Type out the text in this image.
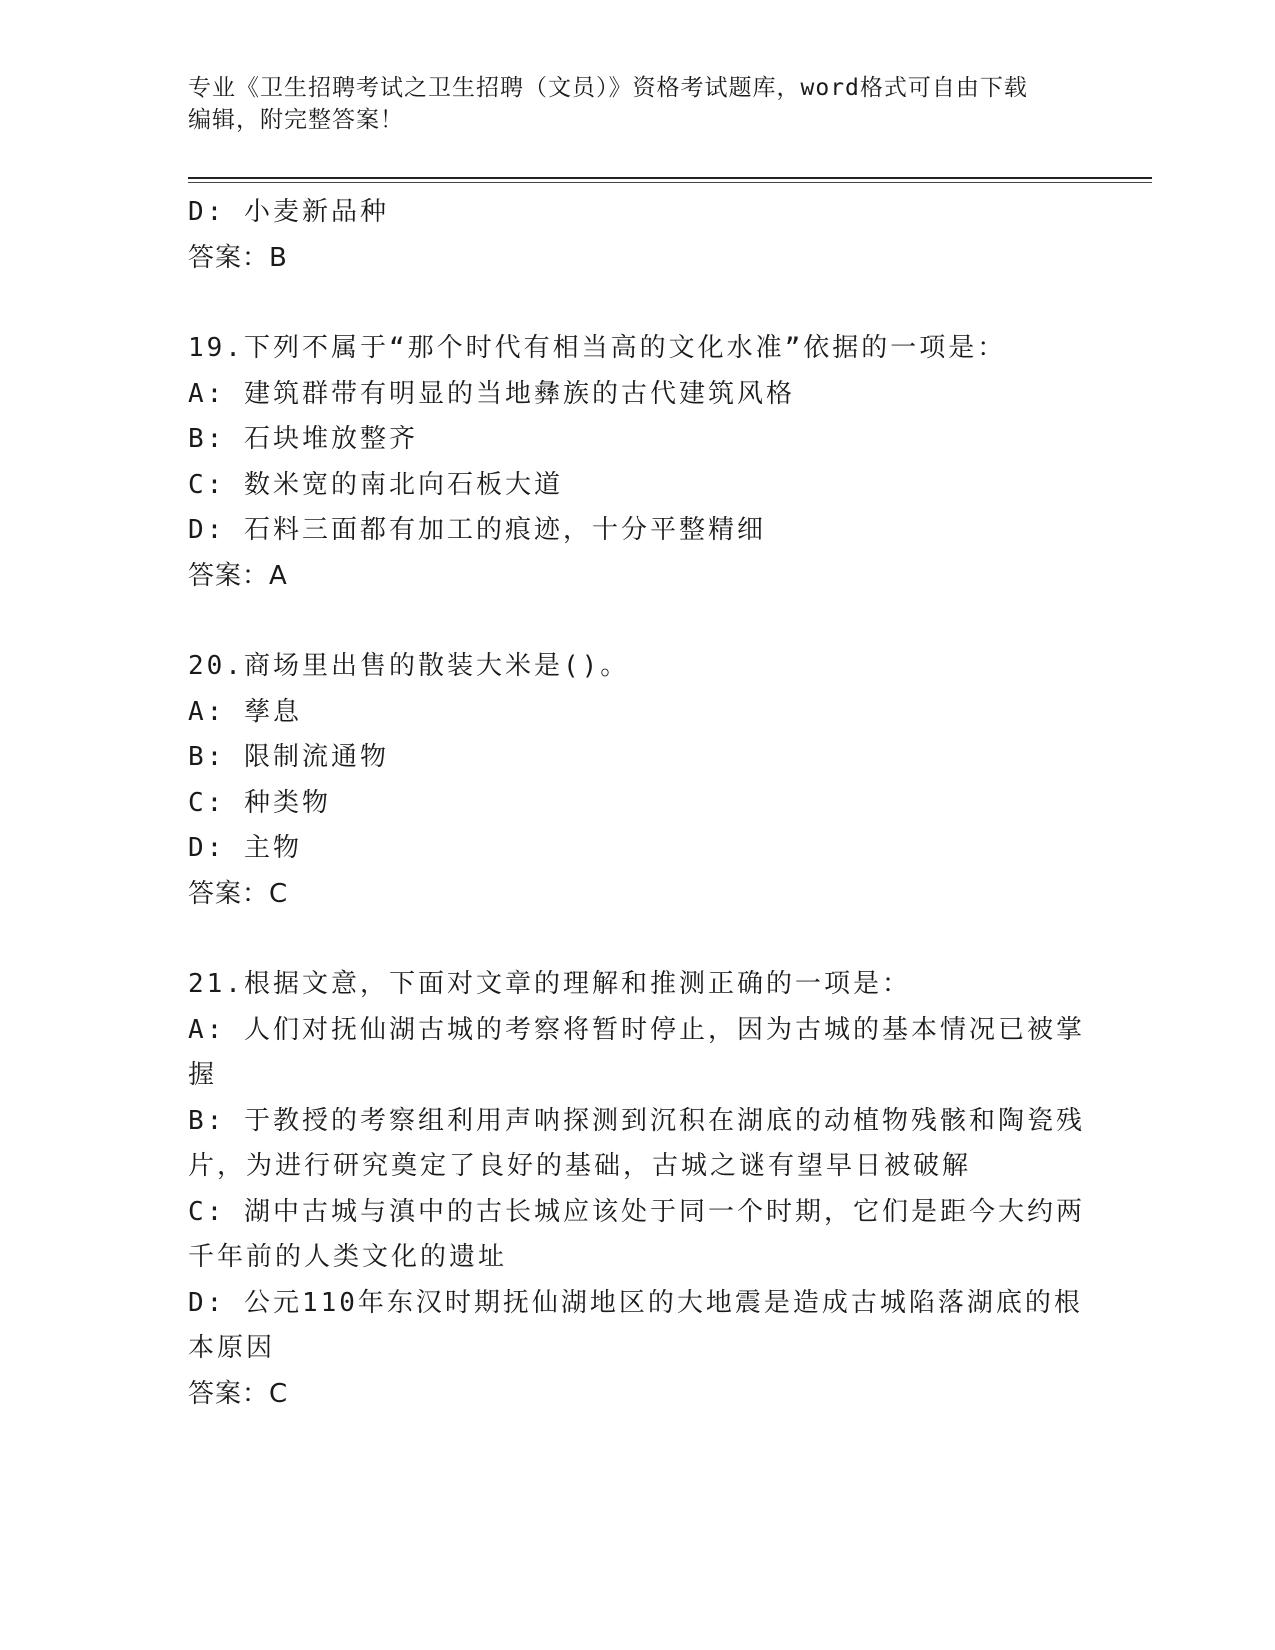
专业《卫生招聘考试之卫生招聘（文员）》资格考试题库，word格式可自由下载
编辑，附完整答案！

D: 小麦新品种

答案：B

19.下列不属于“那个时代有相当高的文化水准”依据的一项是：

A: 建筑群带有明显的当地彝族的古代建筑风格

B: 石块堆放整齐

C: 数米宽的南北向石板大道

D: 石料三面都有加工的痕迹，十分平整精细

答案：A

20.商场里出售的散装大米是()。

A: 孳息

B: 限制流通物

C: 种类物

D: 主物

答案：C

21.根据文意，下面对文章的理解和推测正确的一项是：

A: 人们对抚仙湖古城的考察将暂时停止，因为古城的基本情况已被掌握

B: 于教授的考察组利用声呐探测到沉积在湖底的动植物残骸和陶瓷残片，为进行研究奠定了良好的基础，古城之谜有望早日被破解

C: 湖中古城与滇中的古长城应该处于同一个时期，它们是距今大约两千年前的人类文化的遗址

D: 公元110年东汉时期抚仙湖地区的大地震是造成古城陷落湖底的根本原因

答案：C
